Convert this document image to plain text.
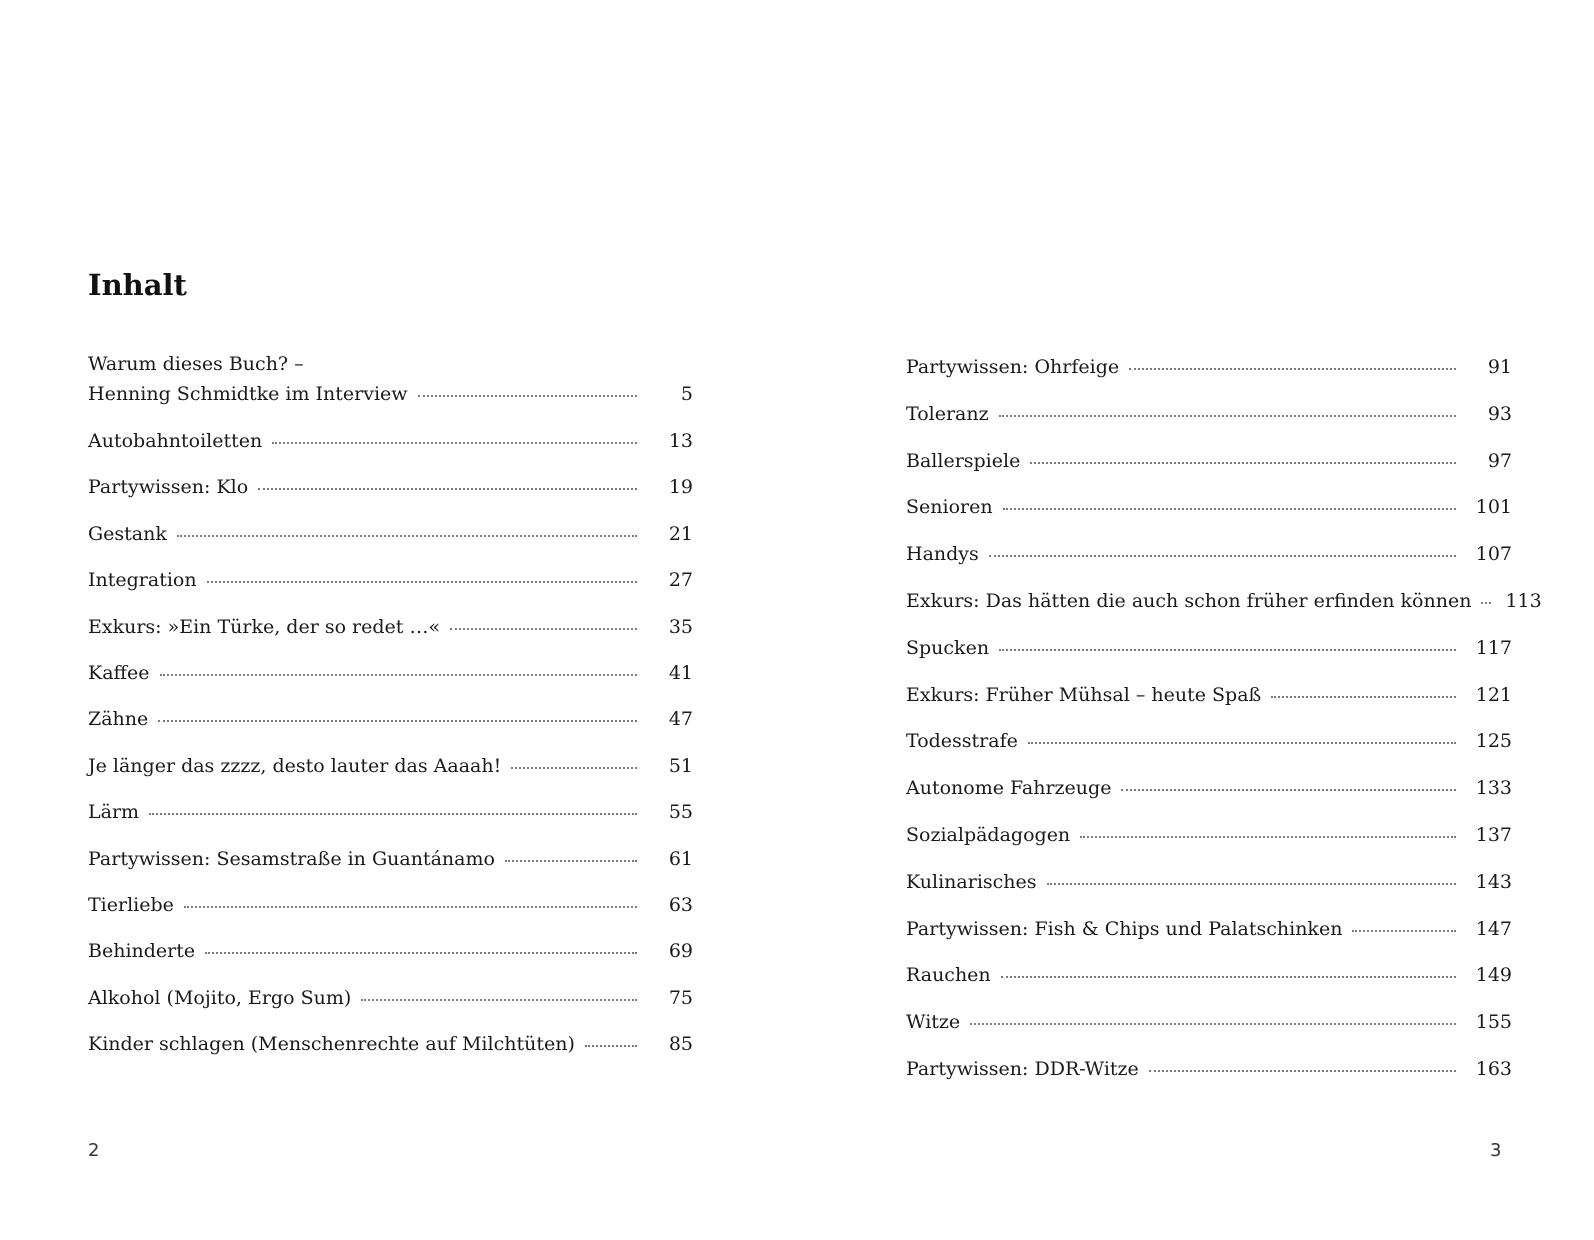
Inhalt
Warum dieses Buch? –
Henning Schmidtke im Interview	5
Autobahntoiletten	13
Partywissen: Klo	19
Gestank	21
Integration	27
Exkurs: »Ein Türke, der so redet …«	35
Kaffee	41
Zähne	47
Je länger das zzzz, desto lauter das Aaaah!	51
Lärm	55
Partywissen: Sesamstraße in Guantánamo	61
Tierliebe	63
Behinderte	69
Alkohol (Mojito, Ergo Sum)	75
Kinder schlagen (Menschenrechte auf Milchtüten)	85
Partywissen: Ohrfeige	91
Toleranz	93
Ballerspiele	97
Senioren	101
Handys	107
Exkurs: Das hätten die auch schon früher erfinden können	113
Spucken	117
Exkurs: Früher Mühsal – heute Spaß	121
Todesstrafe	125
Autonome Fahrzeuge	133
Sozialpädagogen	137
Kulinarisches	143
Partywissen: Fish & Chips und Palatschinken	147
Rauchen	149
Witze	155
Partywissen: DDR-Witze	163
2	3
